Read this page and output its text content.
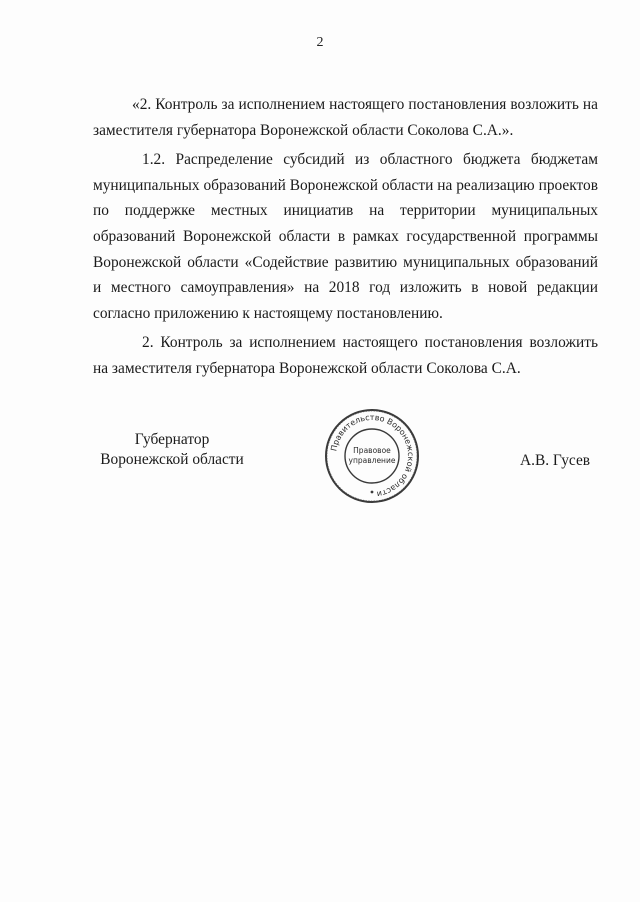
2

«2. Контроль за исполнением настоящего постановления возложить на заместителя губернатора Воронежской области Соколова С.А.».

1.2. Распределение субсидий из областного бюджета бюджетам муниципальных образований Воронежской области на реализацию проектов по поддержке местных инициатив на территории муниципальных образований Воронежской области в рамках государственной программы Воронежской области «Содействие развитию муниципальных образований и местного самоуправления» на 2018 год изложить в новой редакции согласно приложению к настоящему постановлению.

2. Контроль за исполнением настоящего постановления возложить на заместителя губернатора Воронежской области Соколова С.А.

Губернатор
Воронежской области
Правительство Воронежской области
Правовое
управление	А.В. Гусев
